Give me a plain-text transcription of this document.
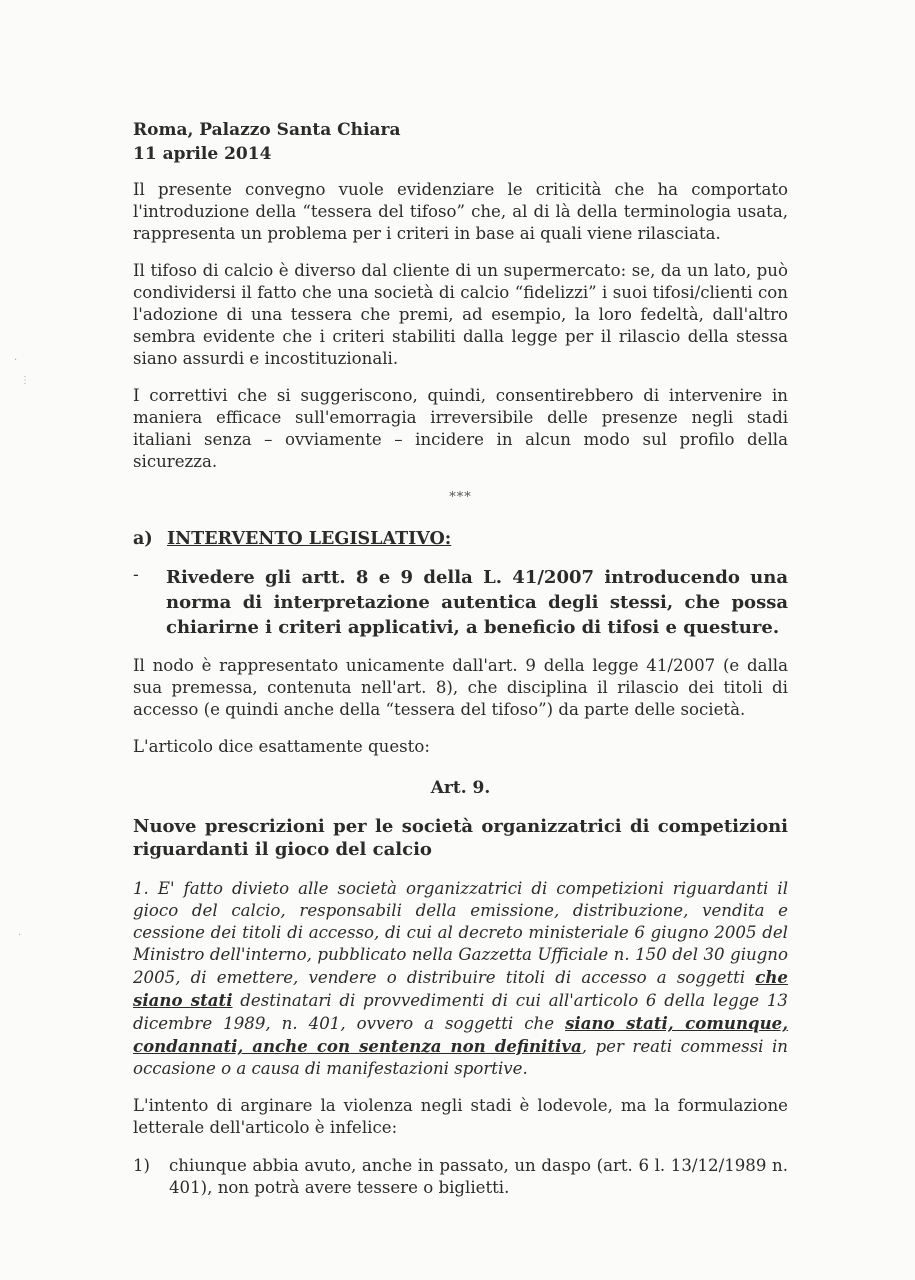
·
⋮
·

Roma, Palazzo Santa Chiara

11 aprile 2014

Il presente convegno vuole evidenziare le criticità che ha comportato l'introduzione della “tessera del tifoso” che, al di là della terminologia usata, rappresenta un problema per i criteri in base ai quali viene rilasciata.

Il tifoso di calcio è diverso dal cliente di un supermercato: se, da un lato, può condividersi il fatto che una società di calcio “fidelizzi” i suoi tifosi/clienti con l'adozione di una tessera che premi, ad esempio, la loro fedeltà, dall'altro sembra evidente che i criteri stabiliti dalla legge per il rilascio della stessa siano assurdi e incostituzionali.

I correttivi che si suggeriscono, quindi, consentirebbero di intervenire in maniera efficace sull'emorragia irreversibile delle presenze negli stadi italiani senza – ovviamente – incidere in alcun modo sul profilo della sicurezza.

***
a) INTERVENTO LEGISLATIVO:
-	Rivedere gli artt. 8 e 9 della L. 41/2007 introducendo una norma di interpretazione autentica degli stessi, che possa chiarirne i criteri applicativi, a beneficio di tifosi e questure.

Il nodo è rappresentato unicamente dall'art. 9 della legge 41/2007 (e dalla sua premessa, contenuta nell'art. 8), che disciplina il rilascio dei titoli di accesso (e quindi anche della “tessera del tifoso”) da parte delle società.

L'articolo dice esattamente questo:

Art. 9.

Nuove prescrizioni per le società organizzatrici di competizioni riguardanti il gioco del calcio

1. E' fatto divieto alle società organizzatrici di competizioni riguardanti il gioco del calcio, responsabili della emissione, distribuzione, vendita e cessione dei titoli di accesso, di cui al decreto ministeriale 6 giugno 2005 del Ministro dell'interno, pubblicato nella Gazzetta Ufficiale n. 150 del 30 giugno 2005, di emettere, vendere o distribuire titoli di accesso a soggetti che siano stati destinatari di provvedimenti di cui all'articolo 6 della legge 13 dicembre 1989, n. 401, ovvero a soggetti che siano stati, comunque, condannati, anche con sentenza non definitiva, per reati commessi in occasione o a causa di manifestazioni sportive.

L'intento di arginare la violenza negli stadi è lodevole, ma la formulazione letterale dell'articolo è infelice:

1)	chiunque abbia avuto, anche in passato, un daspo (art. 6 l. 13/12/1989 n. 401), non potrà avere tessere o biglietti.
